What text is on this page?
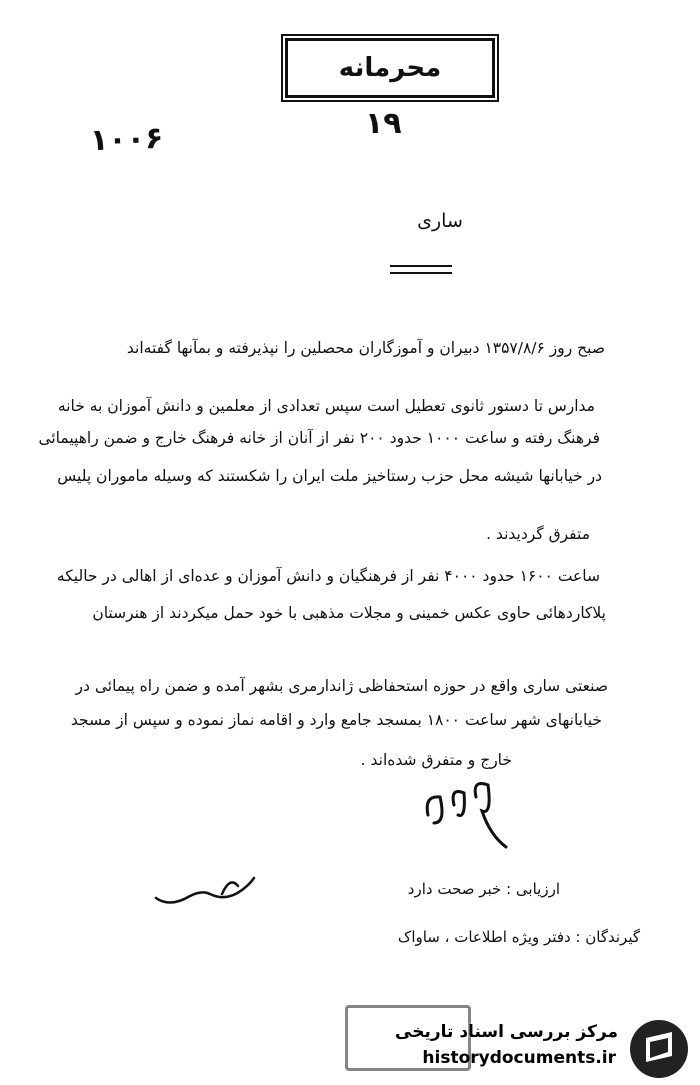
محرمانه
۱۹
۱۰۰۶
ساری
صبح روز ۱۳۵۷/۸/۶ دبیران و آموزگاران محصلین را نپذیرفته و بمآنها گفته‌اند
مدارس تا دستور ثانوی تعطیل است سپس تعدادی از معلمین و دانش آموزان به خانه
فرهنگ رفته و ساعت ۱۰۰۰ حدود ۲۰۰ نفر از آنان از خانه فرهنگ خارج و ضمن راهپیمائی
در خیابانها شیشه محل حزب رستاخیز ملت ایران را شکستند که وسیله ماموران پلیس
متفرق گردیدند .
ساعت ۱۶۰۰ حدود ۴۰۰۰ نفر از فرهنگیان و دانش آموزان و عده‌ای از اهالی در حالیکه
پلاکاردهائی حاوی عکس خمینی و مجلات مذهبی با خود حمل میکردند از هنرستان
صنعتی ساری واقع در حوزه استحفاظی ژاندارمری بشهر آمده و ضمن راه پیمائی در
خیابانهای شهر ساعت ۱۸۰۰ بمسجد جامع وارد و اقامه نماز نموده و سپس از مسجد
خارج و متفرق شده‌اند .
ارزیابی : خبر صحت دارد
گیرندگان : دفتر ویژه اطلاعات ، ساواک
مرکز بررسی اسناد تاریخی
historydocuments.ir
